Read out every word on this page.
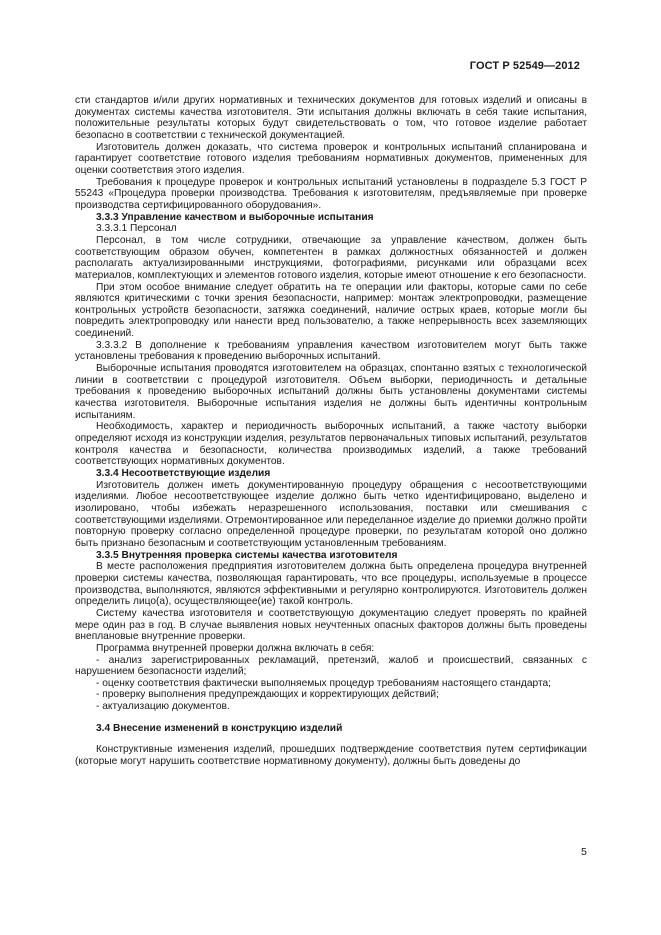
ГОСТ Р 52549—2012

сти стандартов и/или других нормативных и технических документов для готовых изделий и описаны в документах системы качества изготовителя. Эти испытания должны включать в себя такие испытания, положительные результаты которых будут свидетельствовать о том, что готовое изделие работает безопасно в соответствии с технической документацией.

Изготовитель должен доказать, что система проверок и контрольных испытаний спланирована и гарантирует соответствие готового изделия требованиям нормативных документов, примененных для оценки соответствия этого изделия.

Требования к процедуре проверок и контрольных испытаний установлены в подразделе 5.3 ГОСТ Р 55243 «Процедура проверки производства. Требования к изготовителям, предъявляемые при проверке производства сертифицированного оборудования».

3.3.3 Управление качеством и выборочные испытания

3.3.3.1 Персонал

Персонал, в том числе сотрудники, отвечающие за управление качеством, должен быть соответствующим образом обучен, компетентен в рамках должностных обязанностей и должен располагать актуализированными инструкциями, фотографиями, рисунками или образцами всех материалов, комплектующих и элементов готового изделия, которые имеют отношение к его безопасности.

При этом особое внимание следует обратить на те операции или факторы, которые сами по себе являются критическими с точки зрения безопасности, например: монтаж электропроводки, размещение контрольных устройств безопасности, затяжка соединений, наличие острых краев, которые могли бы повредить электропроводку или нанести вред пользователю, а также непрерывность всех заземляющих соединений.

3.3.3.2 В дополнение к требованиям управления качеством изготовителем могут быть также установлены требования к проведению выборочных испытаний.

Выборочные испытания проводятся изготовителем на образцах, спонтанно взятых с технологической линии в соответствии с процедурой изготовителя. Объем выборки, периодичность и детальные требования к проведению выборочных испытаний должны быть установлены документами системы качества изготовителя. Выборочные испытания изделия не должны быть идентичны контрольным испытаниям.

Необходимость, характер и периодичность выборочных испытаний, а также частоту выборки определяют исходя из конструкции изделия, результатов первоначальных типовых испытаний, результатов контроля качества и безопасности, количества производимых изделий, а также требований соответствующих нормативных документов.

3.3.4 Несоответствующие изделия

Изготовитель должен иметь документированную процедуру обращения с несоответствующими изделиями. Любое несоответствующее изделие должно быть четко идентифицировано, выделено и изолировано, чтобы избежать неразрешенного использования, поставки или смешивания с соответствующими изделиями. Отремонтированное или переделанное изделие до приемки должно пройти повторную проверку согласно определенной процедуре проверки, по результатам которой оно должно быть признано безопасным и соответствующим установленным требованиям.

3.3.5 Внутренняя проверка системы качества изготовителя

В месте расположения предприятия изготовителем должна быть определена процедура внутренней проверки системы качества, позволяющая гарантировать, что все процедуры, используемые в процессе производства, выполняются, являются эффективными и регулярно контролируются. Изготовитель должен определить лицо(а), осуществляющее(ие) такой контроль.

Систему качества изготовителя и соответствующую документацию следует проверять по крайней мере один раз в год. В случае выявления новых неучтенных опасных факторов должны быть проведены внеплановые внутренние проверки.

Программа внутренней проверки должна включать в себя:

- анализ зарегистрированных рекламаций, претензий, жалоб и происшествий, связанных с нарушением безопасности изделий;

- оценку соответствия фактически выполняемых процедур требованиям настоящего стандарта;

- проверку выполнения предупреждающих и корректирующих действий;

- актуализацию документов.

3.4 Внесение изменений в конструкцию изделий

Конструктивные изменения изделий, прошедших подтверждение соответствия путем сертификации (которые могут нарушить соответствие нормативному документу), должны быть доведены до

5
